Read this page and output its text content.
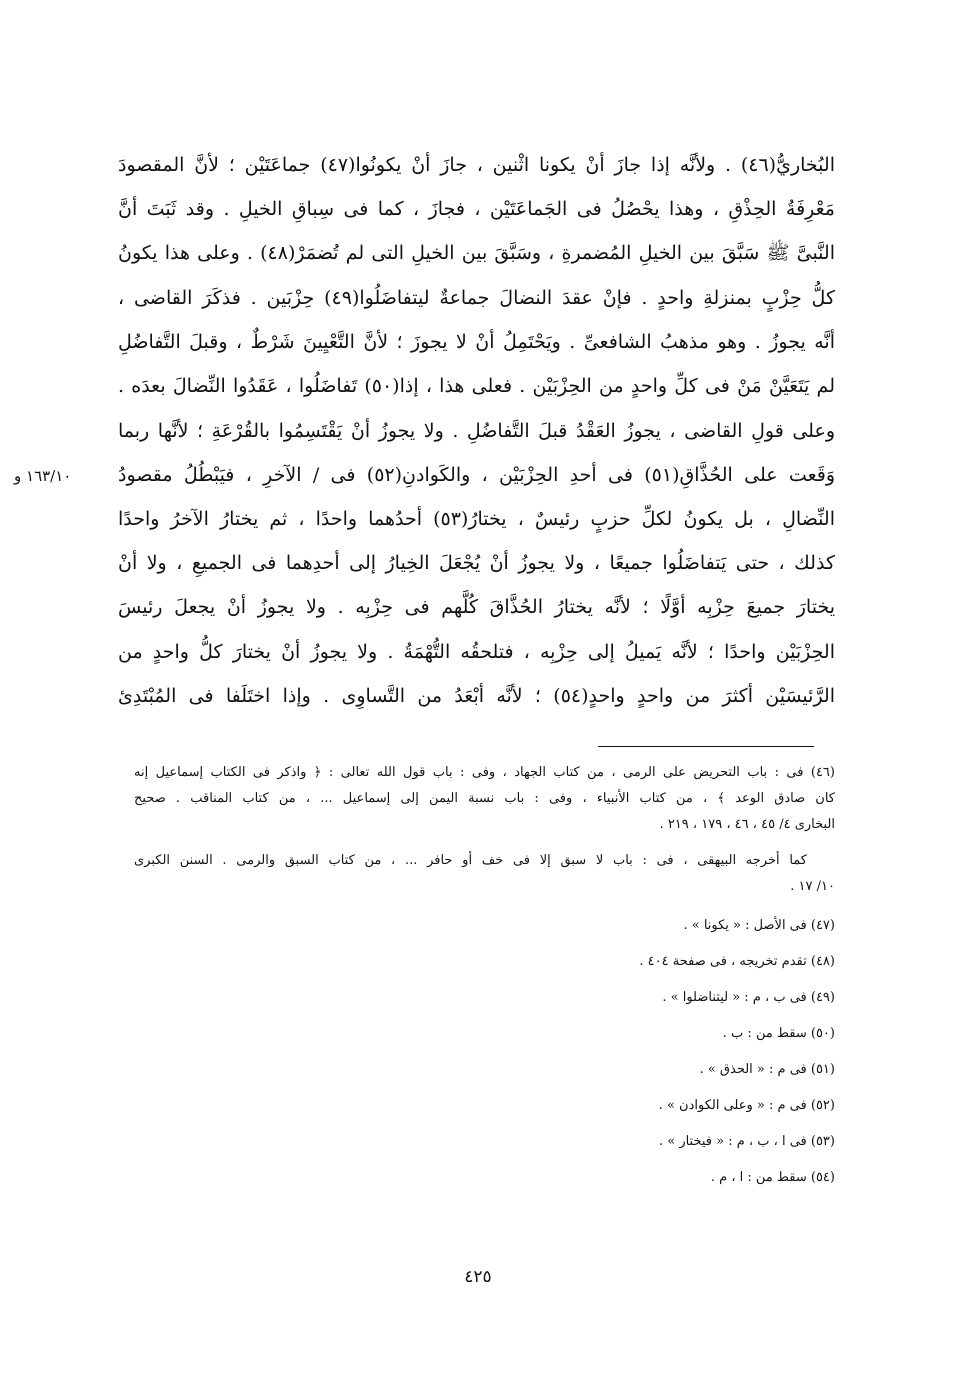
البُخاريُّ(٤٦) . ولأنَّه إذا جازَ أنْ يكونا اثْنين ، جازَ أنْ يكونُوا(٤٧) جماعَتَيْن ؛ لأنَّ المقصودَ
مَعْرِفَةُ الحِذْقِ ، وهذا يحْصُلُ فى الجَماعَتَيْن ، فجازَ ، كما فى سِباقِ الخيلِ . وقد ثَبَتَ أنَّ
النَّبىَّ ﷺ سَبَّقَ بين الخيلِ المُضمرةِ ، وسَبَّقَ بين الخيلِ التى لم تُضمَرْ(٤٨) . وعلى هذا يكونُ
كلُّ حِزْبٍ بمنزلةِ واحدٍ . فإنْ عقدَ النضالَ جماعةٌ ليتفاضَلُوا(٤٩) حِزْبَين . فذكَرَ القاضى ،
أنَّه يجوزُ . وهو مذهبُ الشافعىِّ . ويَحْتَمِلُ أنْ لا يجوزَ ؛ لأنَّ التَّعْيِينَ شَرْطٌ ، وقبلَ التَّفاضُلِ
لم يَتَعَيَّنْ مَنْ فى كلِّ واحدٍ من الحِزْبَيْن . فعلى هذا ، إذا(٥٠) تَفاضَلُوا ، عَقَدُوا النِّضالَ بعدَه .
وعلى قولِ القاضى ، يجوزُ العَقْدُ قبلَ التَّفاضُلِ . ولا يجوزُ أنْ يَقْتَسِمُوا بالقُرْعَةِ ؛ لأنَّها ربما
وَقَعت على الحُذَّاقِ(٥١) فى أحدِ الحِزْبَيْن ، والكَوادنِ(٥٢) فى / الآخرِ ، فيَبْطُلُ مقصودُ
النِّضالِ ، بل يكونُ لكلِّ حزبٍ رئيسٌ ، يختارُ(٥٣) أحدُهما واحدًا ، ثم يختارُ الآخرُ واحدًا
كذلك ، حتى يَتفاضَلُوا جميعًا ، ولا يجوزُ أنْ يُجْعَلَ الخِيارُ إلى أحدِهما فى الجميعِ ، ولا أنْ
يختارَ جميعَ حِزْبِه أوَّلًا ؛ لأنَّه يختارُ الحُذَّاقَ كُلَّهم فى حِزْبِه . ولا يجوزُ أنْ يجعلَ رئيسَ
الحِزْبَيْن واحدًا ؛ لأنَّه يَميلُ إلى حِزْبِه ، فتلحقُه التُّهْمَةُ . ولا يجوزُ أنْ يختارَ كلُّ واحدٍ من
الرَّئيسَيْن أكثرَ من واحدٍ واحدٍ(٥٤) ؛ لأنَّه أبْعَدُ من التَّساوِى . وإذا اختَلَفا فى المُبْتَدِئ
١٦٣/١٠ و
(٤٦) فى : باب التحريض على الرمى ، من كتاب الجهاد ، وفى : باب قول الله تعالى : ﴿ واذكر فى الكتاب إسماعيل إنه
كان صادق الوعد ﴾ ، من كتاب الأنبياء ، وفى : باب نسبة اليمن إلى إسماعيل ... ، من كتاب المناقب . صحيح
البخارى ٤/ ٤٥ ، ٤٦ ، ١٧٩ ، ٢١٩ .
كما أخرجه البيهقى ، فى : باب لا سبق إلا فى خف أو حافر ... ، من كتاب السبق والرمى . السنن الكبرى
١٠/ ١٧ .
(٤٧) فى الأصل : « يكونا » .
(٤٨) تقدم تخريجه ، فى صفحة ٤٠٤ .
(٤٩) فى ب ، م : « ليتناضلوا » .
(٥٠) سقط من : ب .
(٥١) فى م : « الحذق » .
(٥٢) فى م : « وعلى الكوادن » .
(٥٣) فى ا ، ب ، م : « فيختار » .
(٥٤) سقط من : ا ، م .
٤٢٥
